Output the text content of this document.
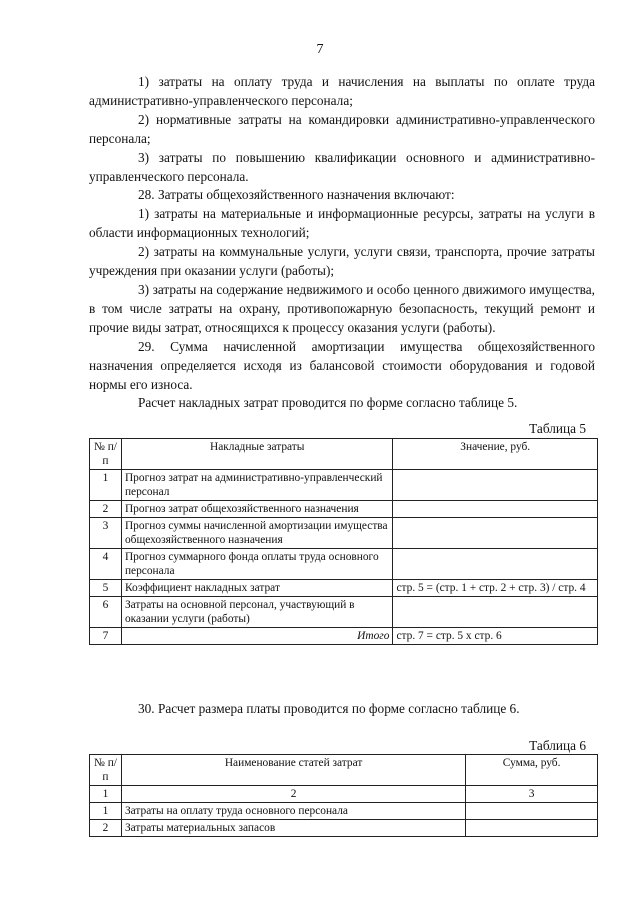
7

1) затраты на оплату труда и начисления на выплаты по оплате труда административно-управленческого персонала;

2) нормативные затраты на командировки административно-управленческого персонала;

3) затраты по повышению квалификации основного и административно-управленческого персонала.

28. Затраты общехозяйственного назначения включают:

1) затраты на материальные и информационные ресурсы, затраты на услуги в области информационных технологий;

2) затраты на коммунальные услуги, услуги связи, транспорта, прочие затраты учреждения при оказании услуги (работы);

3) затраты на содержание недвижимого и особо ценного движимого имущества, в том числе затраты на охрану, противопожарную безопасность, текущий ремонт и прочие виды затрат, относящихся к процессу оказания услуги (работы).

29. Сумма начисленной амортизации имущества общехозяйственного назначения определяется исходя из балансовой стоимости оборудования и годовой нормы его износа.

Расчет накладных затрат проводится по форме согласно таблице 5.

Таблица 5
№ п/п	Накладные затраты	Значение, руб.
1	Прогноз затрат на административно-управленческий персонал	
2	Прогноз затрат общехозяйственного назначения	
3	Прогноз суммы начисленной амортизации имущества общехозяйственного назначения	
4	Прогноз суммарного фонда оплаты труда основного персонала	
5	Коэффициент накладных затрат	стр. 5 = (стр. 1 + стр. 2 + стр. 3) / стр. 4
6	Затраты на основной персонал, участвующий в оказании услуги (работы)	
7	Итого	стр. 7 = стр. 5 х стр. 6
30. Расчет размера платы проводится по форме согласно таблице 6.
Таблица 6
№ п/п	Наименование статей затрат	Сумма, руб.
1	2	3
1	Затраты на оплату труда основного персонала	
2	Затраты материальных запасов	
